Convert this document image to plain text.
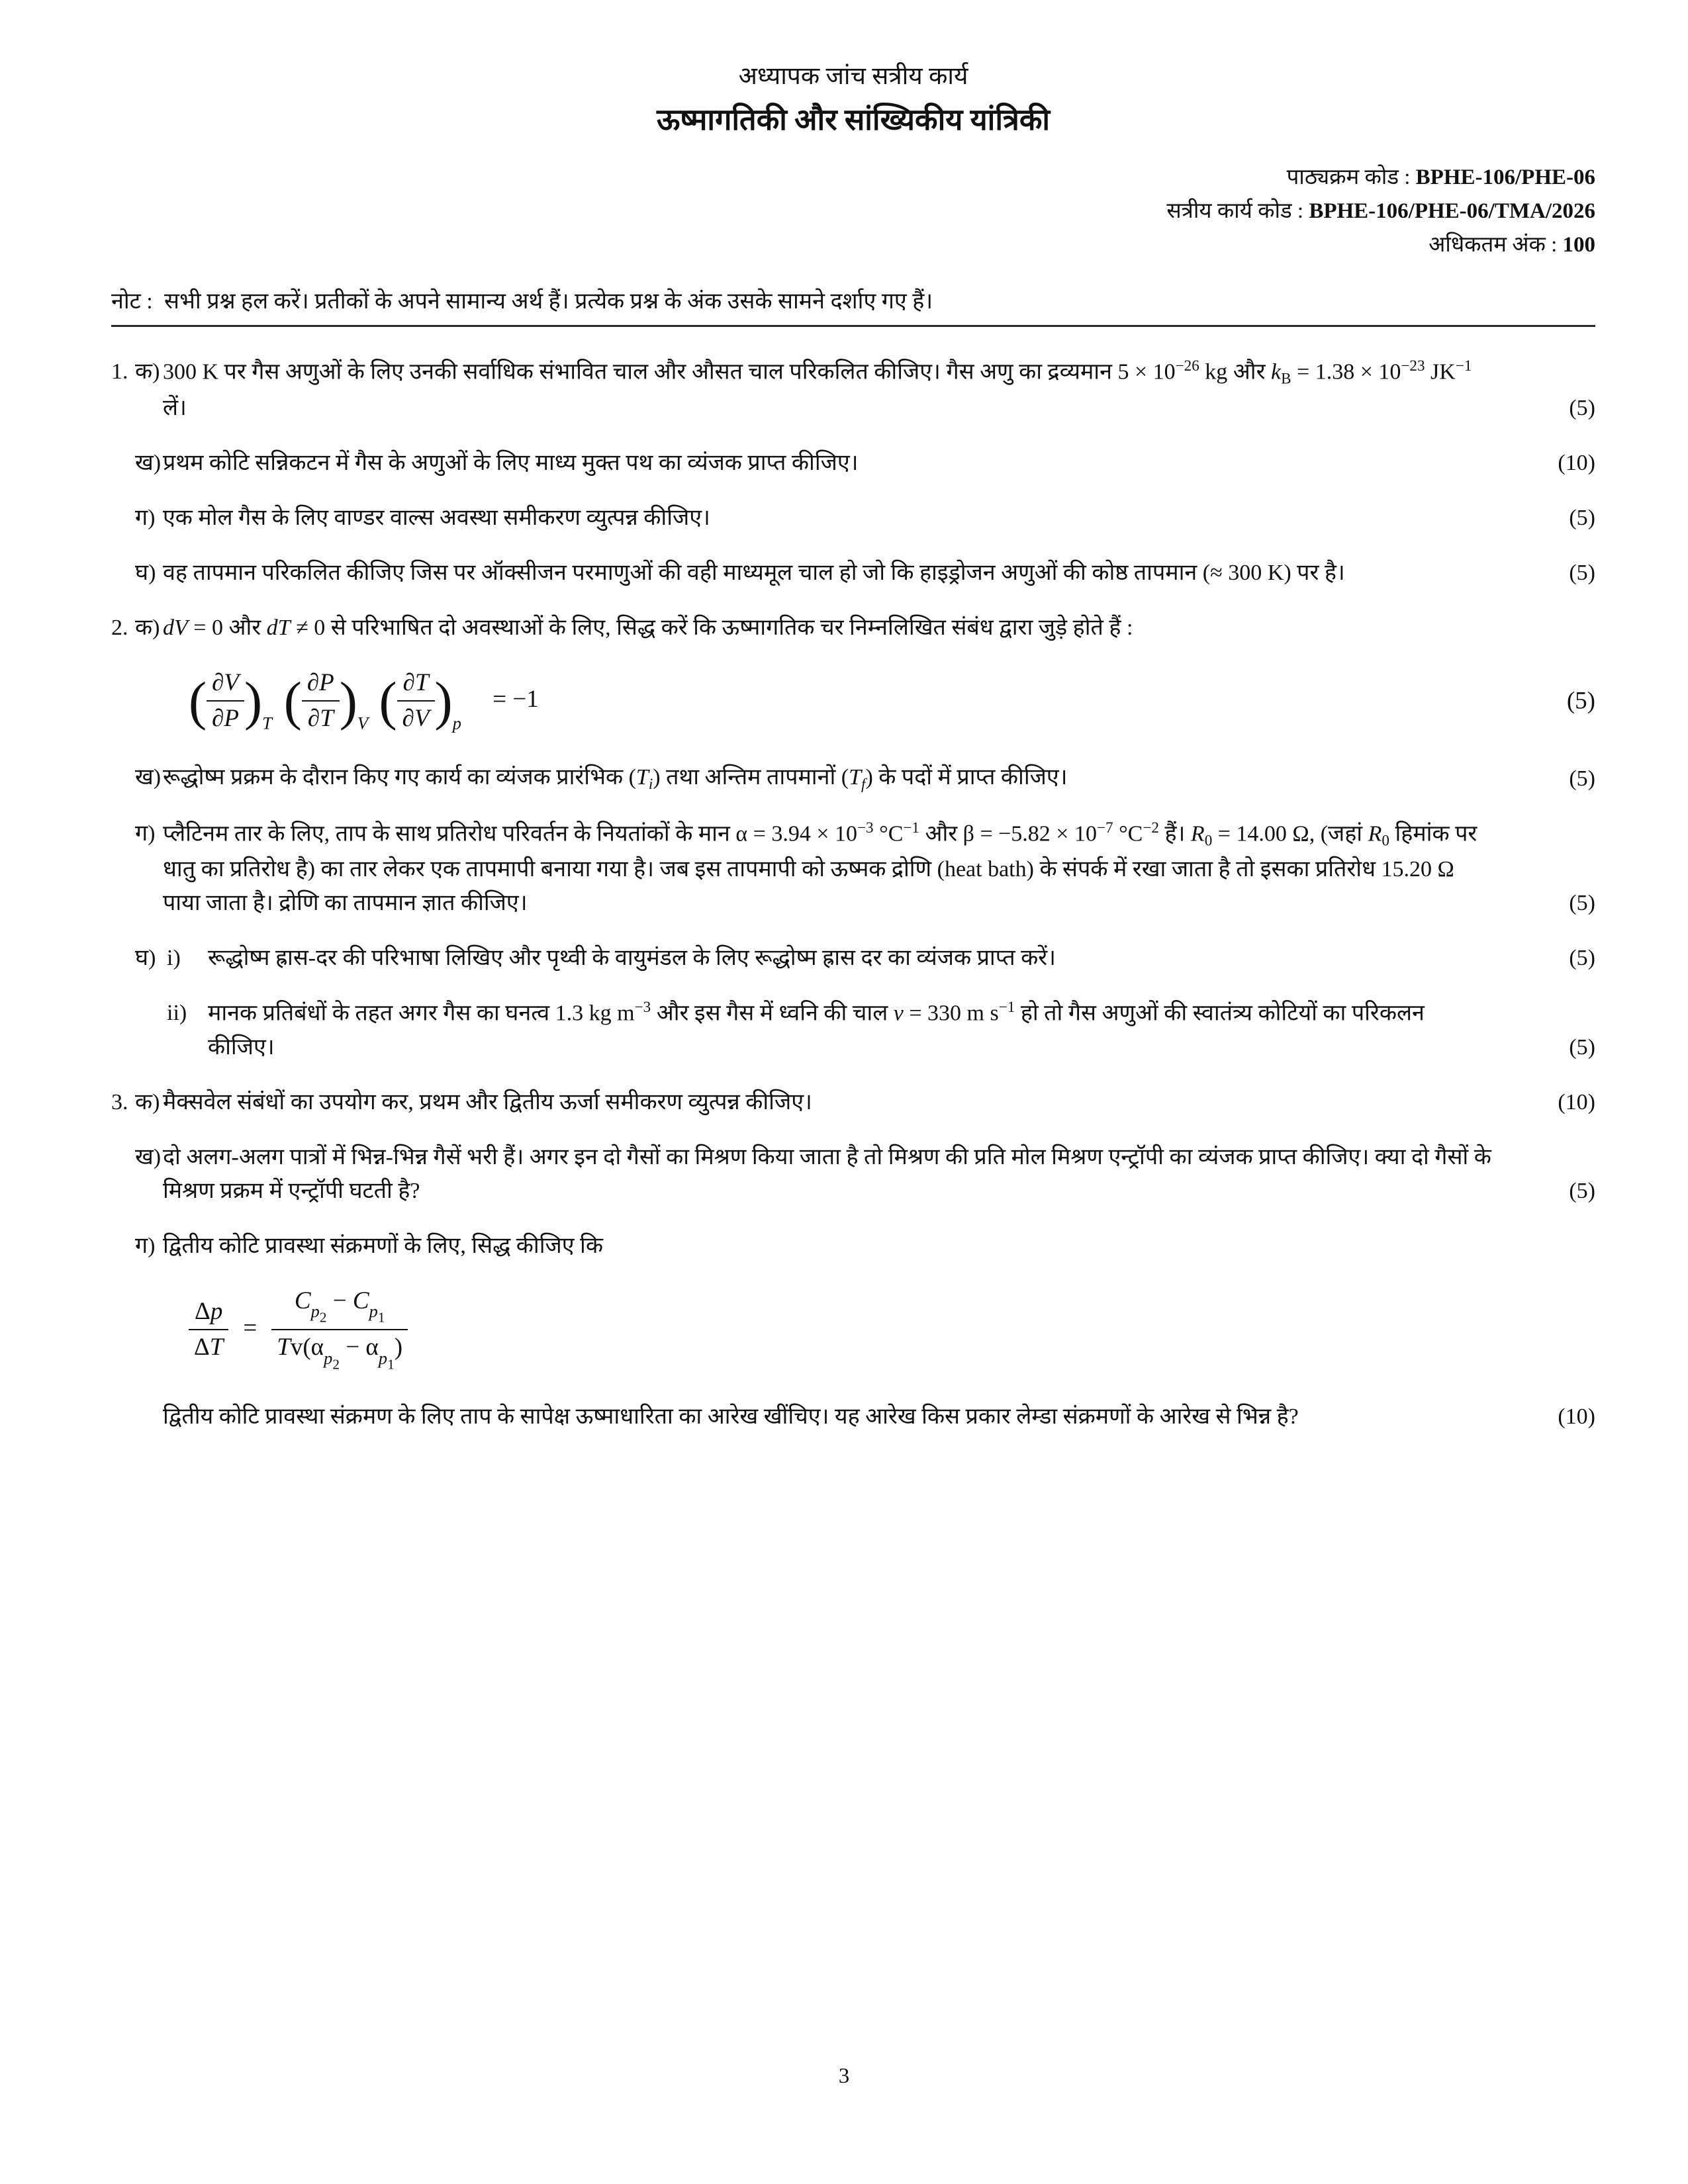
अध्यापक जांच सत्रीय कार्य
ऊष्मागतिकी और सांख्यिकीय यांत्रिकी
पाठ्यक्रम कोड : BPHE-106/PHE-06
सत्रीय कार्य कोड : BPHE-106/PHE-06/TMA/2026
अधिकतम अंक : 100
नोट : सभी प्रश्न हल करें। प्रतीकों के अपने सामान्य अर्थ हैं। प्रत्येक प्रश्न के अंक उसके सामने दर्शाए गए हैं।
1. क) 300 K पर गैस अणुओं के लिए उनकी सर्वाधिक संभावित चाल और औसत चाल परिकलित कीजिए। गैस अणु का द्रव्यमान $5 \times 10^{-26}$ kg और $k_B = 1.38 \times 10^{-23}$ $JK^{-1}$ लें।	(5)
ख) प्रथम कोटि सन्निकटन में गैस के अणुओं के लिए माध्य मुक्त पथ का व्यंजक प्राप्त कीजिए।	(10)
ग) एक मोल गैस के लिए वाण्डर वाल्स अवस्था समीकरण व्युत्पन्न कीजिए।	(5)
घ) वह तापमान परिकलित कीजिए जिस पर ऑक्सीजन परमाणुओं की वही माध्यमूल चाल हो जो कि हाइड्रोजन अणुओं की कोष्ठ तापमान (≈ 300 K) पर है।	(5)
2. क) dV = 0 और dT ≠ 0 से परिभाषित दो अवस्थाओं के लिए, सिद्ध करें कि ऊष्मागतिक चर निम्नलिखित संबंध द्वारा जुड़े होते हैं :
( $\frac{\partial V}{\partial P} )T$ ( $\frac{\partial P}{\partial T} )V$ ( $\frac{\partial T}{\partial V} )p= -1$	(5)
ख) रूद्धोष्म प्रक्रम के दौरान किए गए कार्य का व्यंजक प्रारंभिक $(T_i)$ तथा अन्तिम तापमानों $(T_f)$ के पदों में प्राप्त कीजिए।	(5)
ग) प्लैटिनम तार के लिए, ताप के साथ प्रतिरोध परिवर्तन के नियतांकों के मान $\alpha = 3.94 \times 10^{-3}$ $^\circ C^{-1}$ और $\beta = -5.82 \times 10^{-7}$ $^\circ C^{-2}$ हैं। $R_0 = 14.00$ Ω, (जहां $R_0$ हिमांक पर धातु का प्रतिरोध है) का तार लेकर एक तापमापी बनाया गया है। जब इस तापमापी को ऊष्मक द्रोणि (heat bath) के संपर्क में रखा जाता है तो इसका प्रतिरोध 15.20 Ω पाया जाता है। द्रोणि का तापमान ज्ञात कीजिए।	(5)
घ) i) रूद्धोष्म ह्रास-दर की परिभाषा लिखिए और पृथ्वी के वायुमंडल के लिए रूद्धोष्म ह्रास दर का व्यंजक प्राप्त करें।	(5)
ii) मानक प्रतिबंधों के तहत अगर गैस का घनत्व 1.3 kg $m^{-3}$ और इस गैस में ध्वनि की चाल v = 330 m $s^{-1}$ हो तो गैस अणुओं की स्वातंत्र्य कोटियों का परिकलन कीजिए।	(5)
3. क) मैक्सवेल संबंधों का उपयोग कर, प्रथम और द्वितीय ऊर्जा समीकरण व्युत्पन्न कीजिए।	(10)
ख) दो अलग-अलग पात्रों में भिन्न-भिन्न गैसें भरी हैं। अगर इन दो गैसों का मिश्रण किया जाता है तो मिश्रण की प्रति मोल मिश्रण एन्ट्रॉपी का व्यंजक प्राप्त कीजिए। क्या दो गैसों के मिश्रण प्रक्रम में एन्ट्रॉपी घटती है?	(5)
ग) द्वितीय कोटि प्रावस्था संक्रमणों के लिए, सिद्ध कीजिए कि
$\frac{\Delta p}{\Delta T} = \frac{C_{p_2} - C_{p_1}}{Tv(\alpha_{p_2} - \alpha_{p_1})}$
द्वितीय कोटि प्रावस्था संक्रमण के लिए ताप के सापेक्ष ऊष्माधारिता का आरेख खींचिए। यह आरेख किस प्रकार लेम्डा संक्रमणों के आरेख से भिन्न है?	(10)
3
